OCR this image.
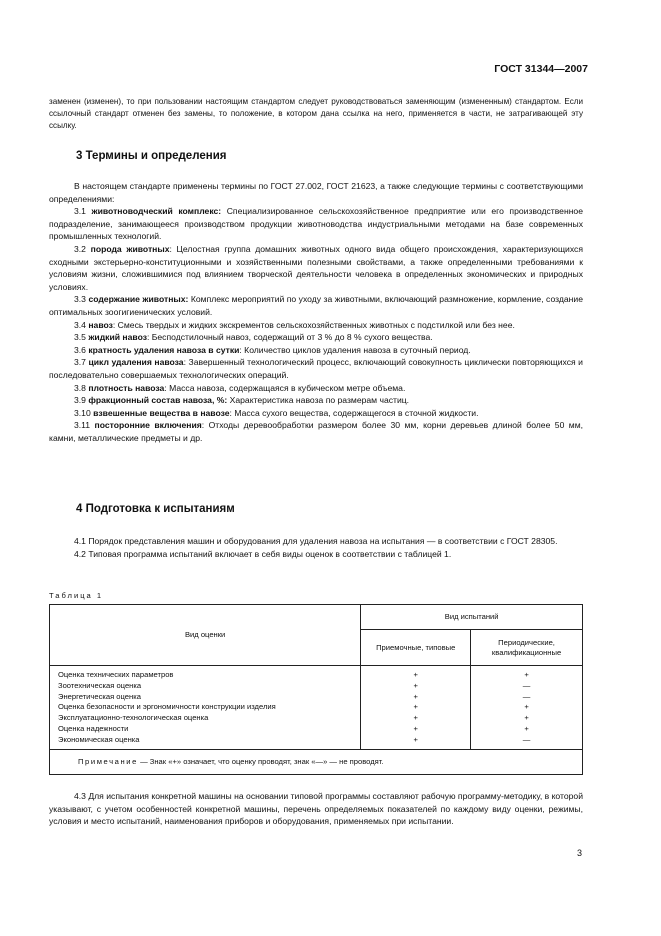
ГОСТ 31344—2007
заменен (изменен), то при пользовании настоящим стандартом следует руководствоваться заменяющим (измененным) стандартом. Если ссылочный стандарт отменен без замены, то положение, в котором дана ссылка на него, применяется в части, не затрагивающей эту ссылку.
3 Термины и определения

В настоящем стандарте применены термины по ГОСТ 27.002, ГОСТ 21623, а также следующие термины с соответствующими определениями:

3.1 животноводческий комплекс: Специализированное сельскохозяйственное предприятие или его производственное подразделение, занимающееся производством продукции животноводства индустриальными методами на базе современных промышленных технологий.

3.2 порода животных: Целостная группа домашних животных одного вида общего происхождения, характеризующихся сходными экстерьерно-конституционными и хозяйственными полезными свойствами, а также определенными требованиями к условиям жизни, сложившимися под влиянием творческой деятельности человека в определенных экономических и природных условиях.

3.3 содержание животных: Комплекс мероприятий по уходу за животными, включающий размножение, кормление, создание оптимальных зоогигиенических условий.

3.4 навоз: Смесь твердых и жидких экскрементов сельскохозяйственных животных с подстилкой или без нее.

3.5 жидкий навоз: Бесподстилочный навоз, содержащий от 3 % до 8 % сухого вещества.

3.6 кратность удаления навоза в сутки: Количество циклов удаления навоза в суточный период.

3.7 цикл удаления навоза: Завершенный технологический процесс, включающий совокупность циклически повторяющихся и последовательно совершаемых технологических операций.

3.8 плотность навоза: Масса навоза, содержащаяся в кубическом метре объема.

3.9 фракционный состав навоза, %: Характеристика навоза по размерам частиц.

3.10 взвешенные вещества в навозе: Масса сухого вещества, содержащегося в сточной жидкости.

3.11 посторонние включения: Отходы деревообработки размером более 30 мм, корни деревьев длиной более 50 мм, камни, металлические предметы и др.

4 Подготовка к испытаниям

4.1 Порядок представления машин и оборудования для удаления навоза на испытания — в соответствии с ГОСТ 28305.

4.2 Типовая программа испытаний включает в себя виды оценок в соответствии с таблицей 1.

Таблица 1
Вид оценки	Вид испытаний	
	Приемочные, типовые	Периодические, квалификационные
Оценка технических параметров	+	+
Зоотехническая оценка	+	—
Энергетическая оценка	+	—
Оценка безопасности и эргономичности конструкции изделия	+	+
Эксплуатационно-технологическая оценка	+	+
Оценка надежности	+	+
Экономическая оценка	+	—
Примечание — Знак «+» означает, что оценку проводят, знак «—» — не проводят.		

4.3 Для испытания конкретной машины на основании типовой программы составляют рабочую программу-методику, в которой указывают, с учетом особенностей конкретной машины, перечень определяемых показателей по каждому виду оценки, режимы, условия и место испытаний, наименования приборов и оборудования, применяемых при испытании.

3
